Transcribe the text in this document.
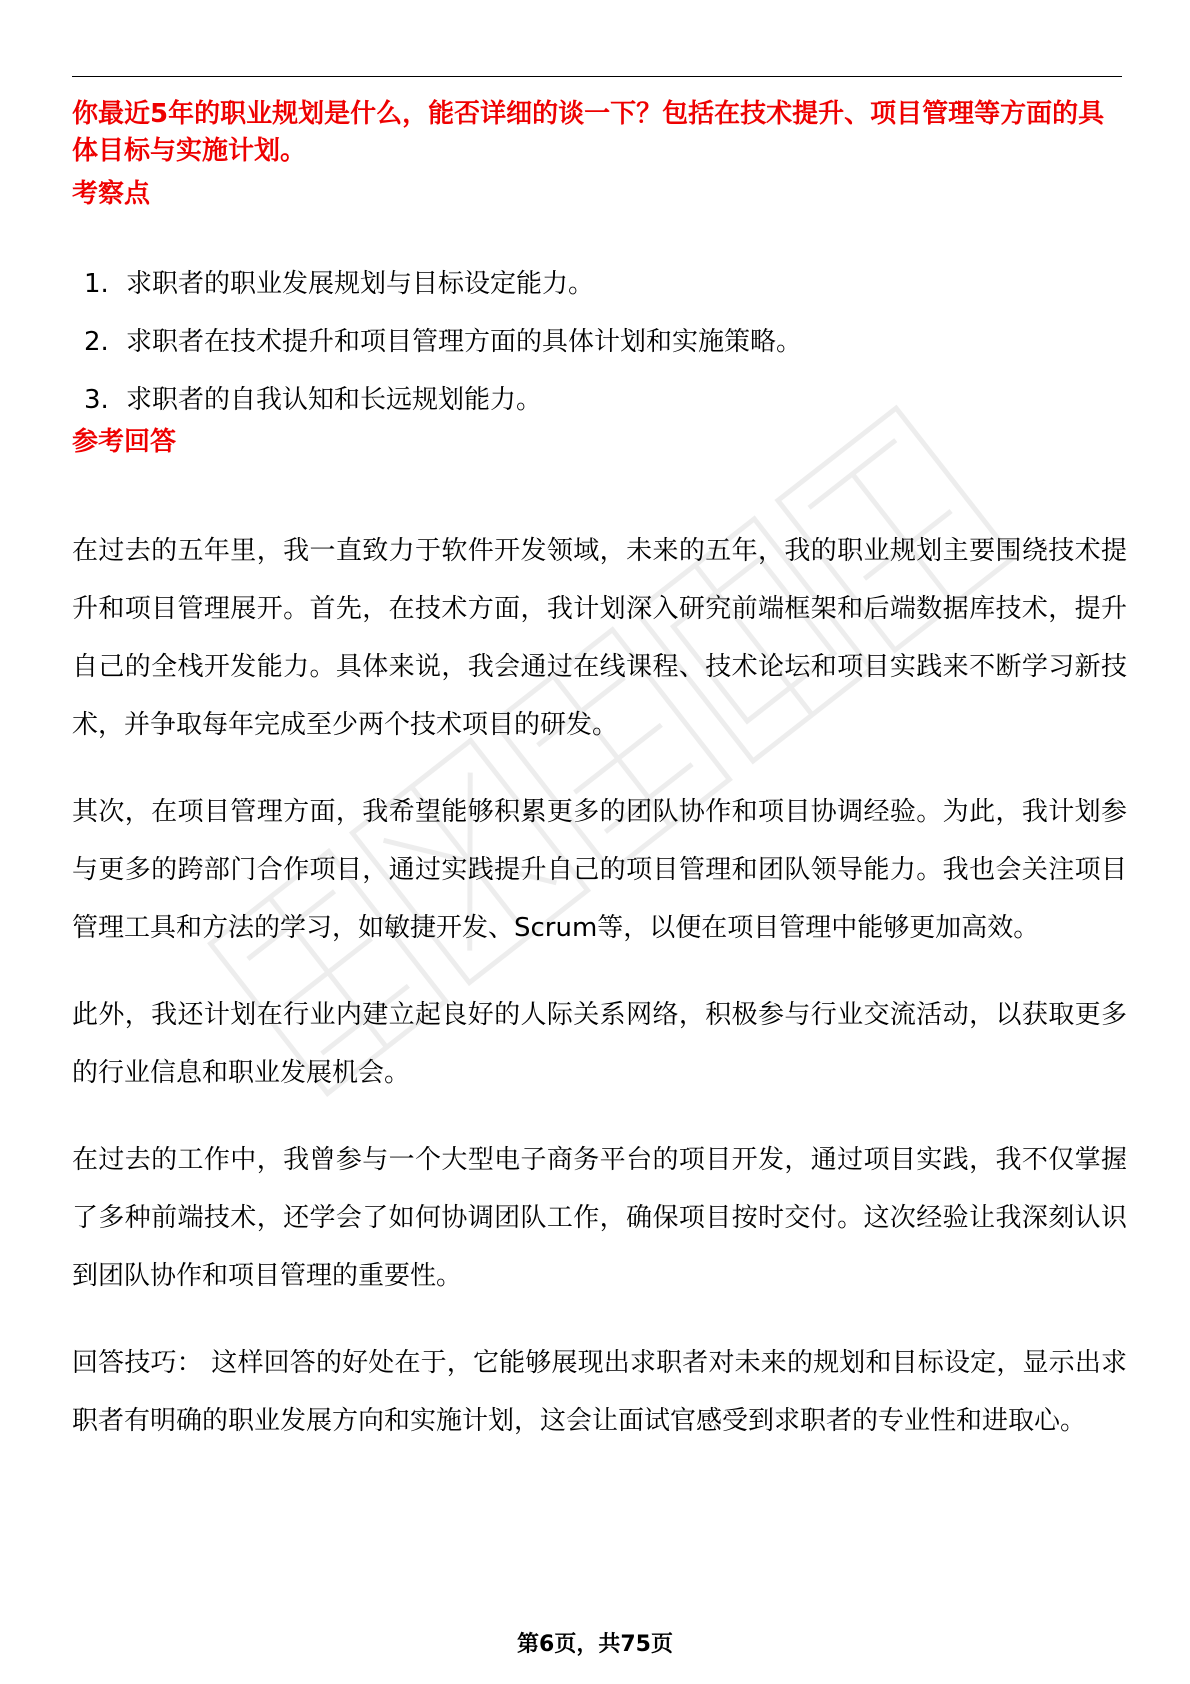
你最近5年的职业规划是什么，能否详细的谈一下？包括在技术提升、项目管理等方面的具体目标与实施计划。
考察点
1. 求职者的职业发展规划与目标设定能力。
2. 求职者在技术提升和项目管理方面的具体计划和实施策略。
3. 求职者的自我认知和长远规划能力。
参考回答

在过去的五年里，我一直致力于软件开发领域，未来的五年，我的职业规划主要围绕技术提升和项目管理展开。首先，在技术方面，我计划深入研究前端框架和后端数据库技术，提升自己的全栈开发能力。具体来说，我会通过在线课程、技术论坛和项目实践来不断学习新技术，并争取每年完成至少两个技术项目的研发。

其次，在项目管理方面，我希望能够积累更多的团队协作和项目协调经验。为此，我计划参与更多的跨部门合作项目，通过实践提升自己的项目管理和团队领导能力。我也会关注项目管理工具和方法的学习，如敏捷开发、Scrum等，以便在项目管理中能够更加高效。

此外，我还计划在行业内建立起良好的人际关系网络，积极参与行业交流活动，以获取更多的行业信息和职业发展机会。

在过去的工作中，我曾参与一个大型电子商务平台的项目开发，通过项目实践，我不仅掌握了多种前端技术，还学会了如何协调团队工作，确保项目按时交付。这次经验让我深刻认识到团队协作和项目管理的重要性。

回答技巧： 这样回答的好处在于，它能够展现出求职者对未来的规划和目标设定，显示出求职者有明确的职业发展方向和实施计划，这会让面试官感受到求职者的专业性和进取心。

第6页，共75页
